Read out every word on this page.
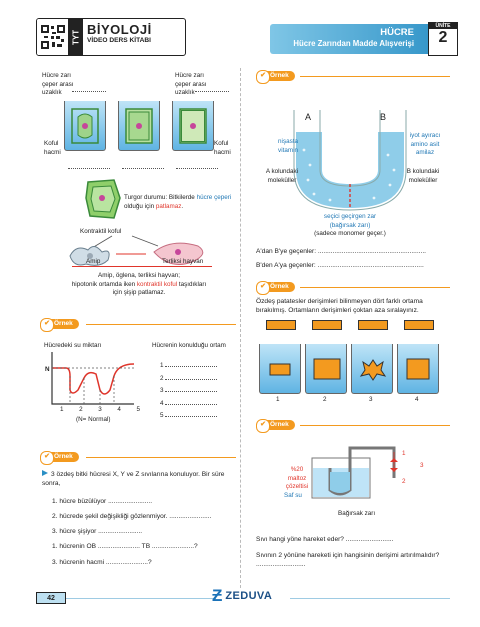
TYT BİYOLOJİ
VİDEO DERS KİTABI
HÜCRE
Hücre Zarından Madde Alışverişi
ÜNİTE
2
Hücre zarı
çeper arası
uzaklık
Hücre zarı
çeper arası
uzaklık
Koful
hacmi
Koful
hacmi
Turgor durumu: Bitkilerde hücre çeperi olduğu için patlamaz.
Kontraktil koful
Amip	Terliksi hayvan
Amip, öglena, terliksi hayvan;
hipotonik ortamda iken kontraktil koful taşıdıkları
için şişip patlamaz.
✔ Örnek
Hücredeki su miktarı	Hücrenin konulduğu ortam
N
1 2 3 4 5
(N= Normal)
1
2
3
4
5
✔ Örnek
3 özdeş bitki hücresi X, Y ve Z sıvılarına konuluyor. Bir süre sonra,
1. hücre büzülüyor ........................
2. hücrede şekil değişikliği gözlenmiyor. .......................
3. hücre şişiyor ........................
1. hücrenin OB ....................... TB .......................?
3. hücrenin hacmi .......................?
✔ Örnek
A	B
nişasta
vitamin
iyot ayıracı
amino asit
amilaz
A kolundaki
moleküller
B kolundaki
moleküller
seçici geçirgen zar
(bağırsak zarı)
(sadece monomer geçer.)
A'dan B'ye geçenler: ...........................................................
B'den A'ya geçenler: ..........................................................
✔ Örnek
Özdeş patatesler derişimleri bilinmeyen dört farklı ortama bırakılmış. Ortamların derişimleri çoktan aza sıralayınız.
1	2	3	4
✔ Örnek
%20
maltoz
çözeltisi
Saf su
Bağırsak zarı
1
2
3
Sıvı hangi yöne hareket eder? ..........................
Sıvının 2 yönüne hareketi için hangisinin derişimi artırılmalıdır? ...........................
42	Ƶ ZEDUVA
